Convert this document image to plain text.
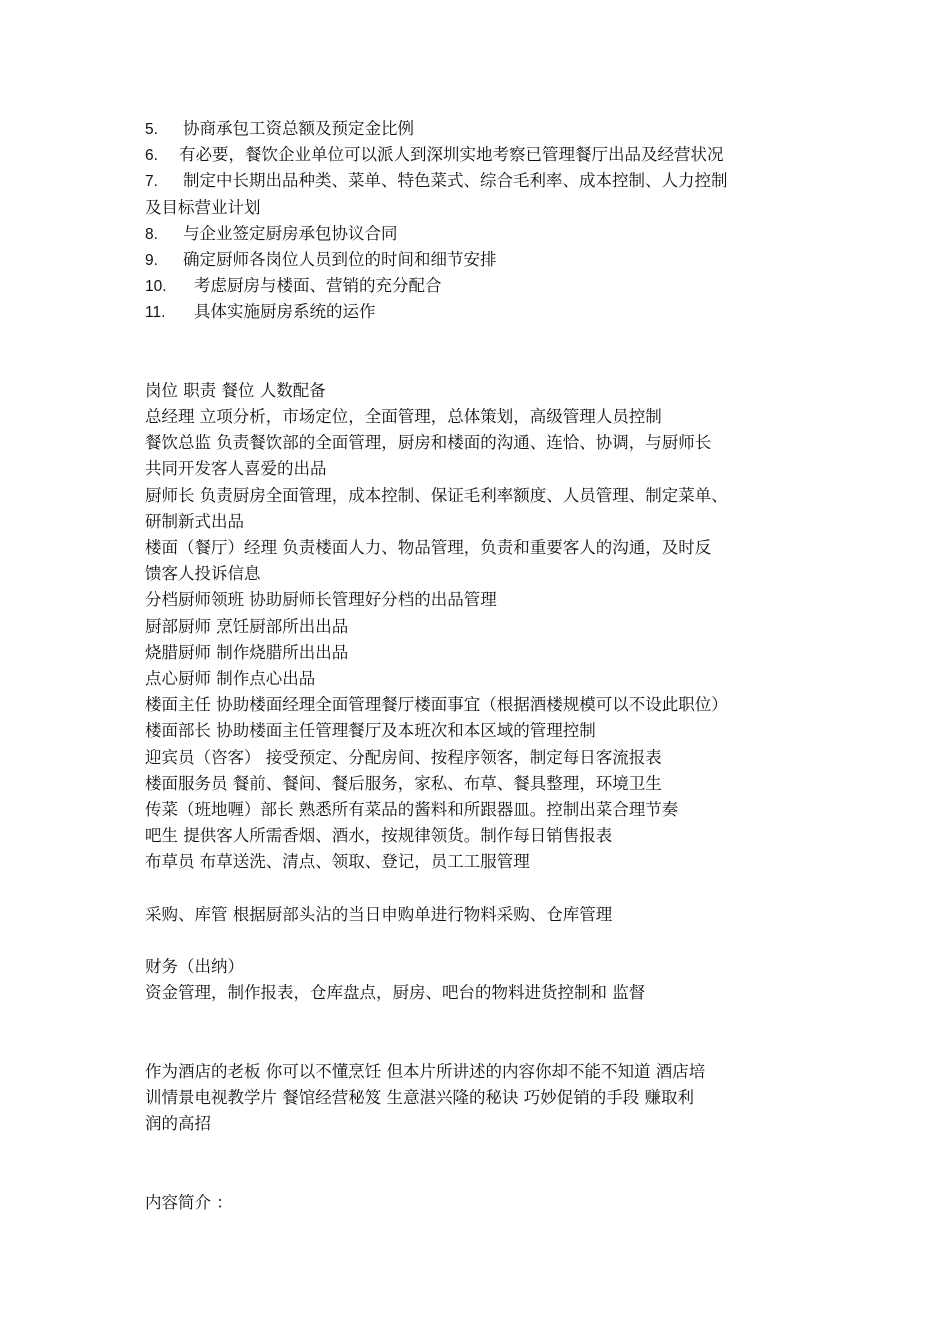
5. 协商承包工资总额及预定金比例
6. 有必要，餐饮企业单位可以派人到深圳实地考察已管理餐厅出品及经营状况
7. 制定中长期出品种类、菜单、特色菜式、综合毛利率、成本控制、人力控制
及目标营业计划
8. 与企业签定厨房承包协议合同
9. 确定厨师各岗位人员到位的时间和细节安排
10. 考虑厨房与楼面、营销的充分配合
11. 具体实施厨房系统的运作
岗位 职责 餐位 人数配备
总经理 立项分析，市场定位，全面管理，总体策划，高级管理人员控制
餐饮总监 负责餐饮部的全面管理，厨房和楼面的沟通、连恰、协调，与厨师长
共同开发客人喜爱的出品
厨师长 负责厨房全面管理，成本控制、保证毛利率额度、人员管理、制定菜单、
研制新式出品
楼面（餐厅）经理 负责楼面人力、物品管理，负责和重要客人的沟通，及时反
馈客人投诉信息
分档厨师领班 协助厨师长管理好分档的出品管理
厨部厨师 烹饪厨部所出出品
烧腊厨师 制作烧腊所出出品
点心厨师 制作点心出品
楼面主任 协助楼面经理全面管理餐厅楼面事宜（根据酒楼规模可以不设此职位）
楼面部长 协助楼面主任管理餐厅及本班次和本区域的管理控制
迎宾员（咨客） 接受预定、分配房间、按程序领客，制定每日客流报表
楼面服务员 餐前、餐间、餐后服务，家私、布草、餐具整理，环境卫生
传菜（班地喱）部长 熟悉所有菜品的酱料和所跟器皿。控制出菜合理节奏
吧生 提供客人所需香烟、酒水，按规律领货。制作每日销售报表
布草员 布草送洗、清点、领取、登记，员工工服管理
采购、库管 根据厨部头沾的当日申购单进行物料采购、仓库管理
财务（出纳）
资金管理，制作报表，仓库盘点，厨房、吧台的物料进货控制和 监督
作为酒店的老板 你可以不懂烹饪 但本片所讲述的内容你却不能不知道 酒店培
训情景电视教学片 餐馆经营秘笈 生意湛兴隆的秘诀 巧妙促销的手段 赚取利
润的高招
内容简介 ：
